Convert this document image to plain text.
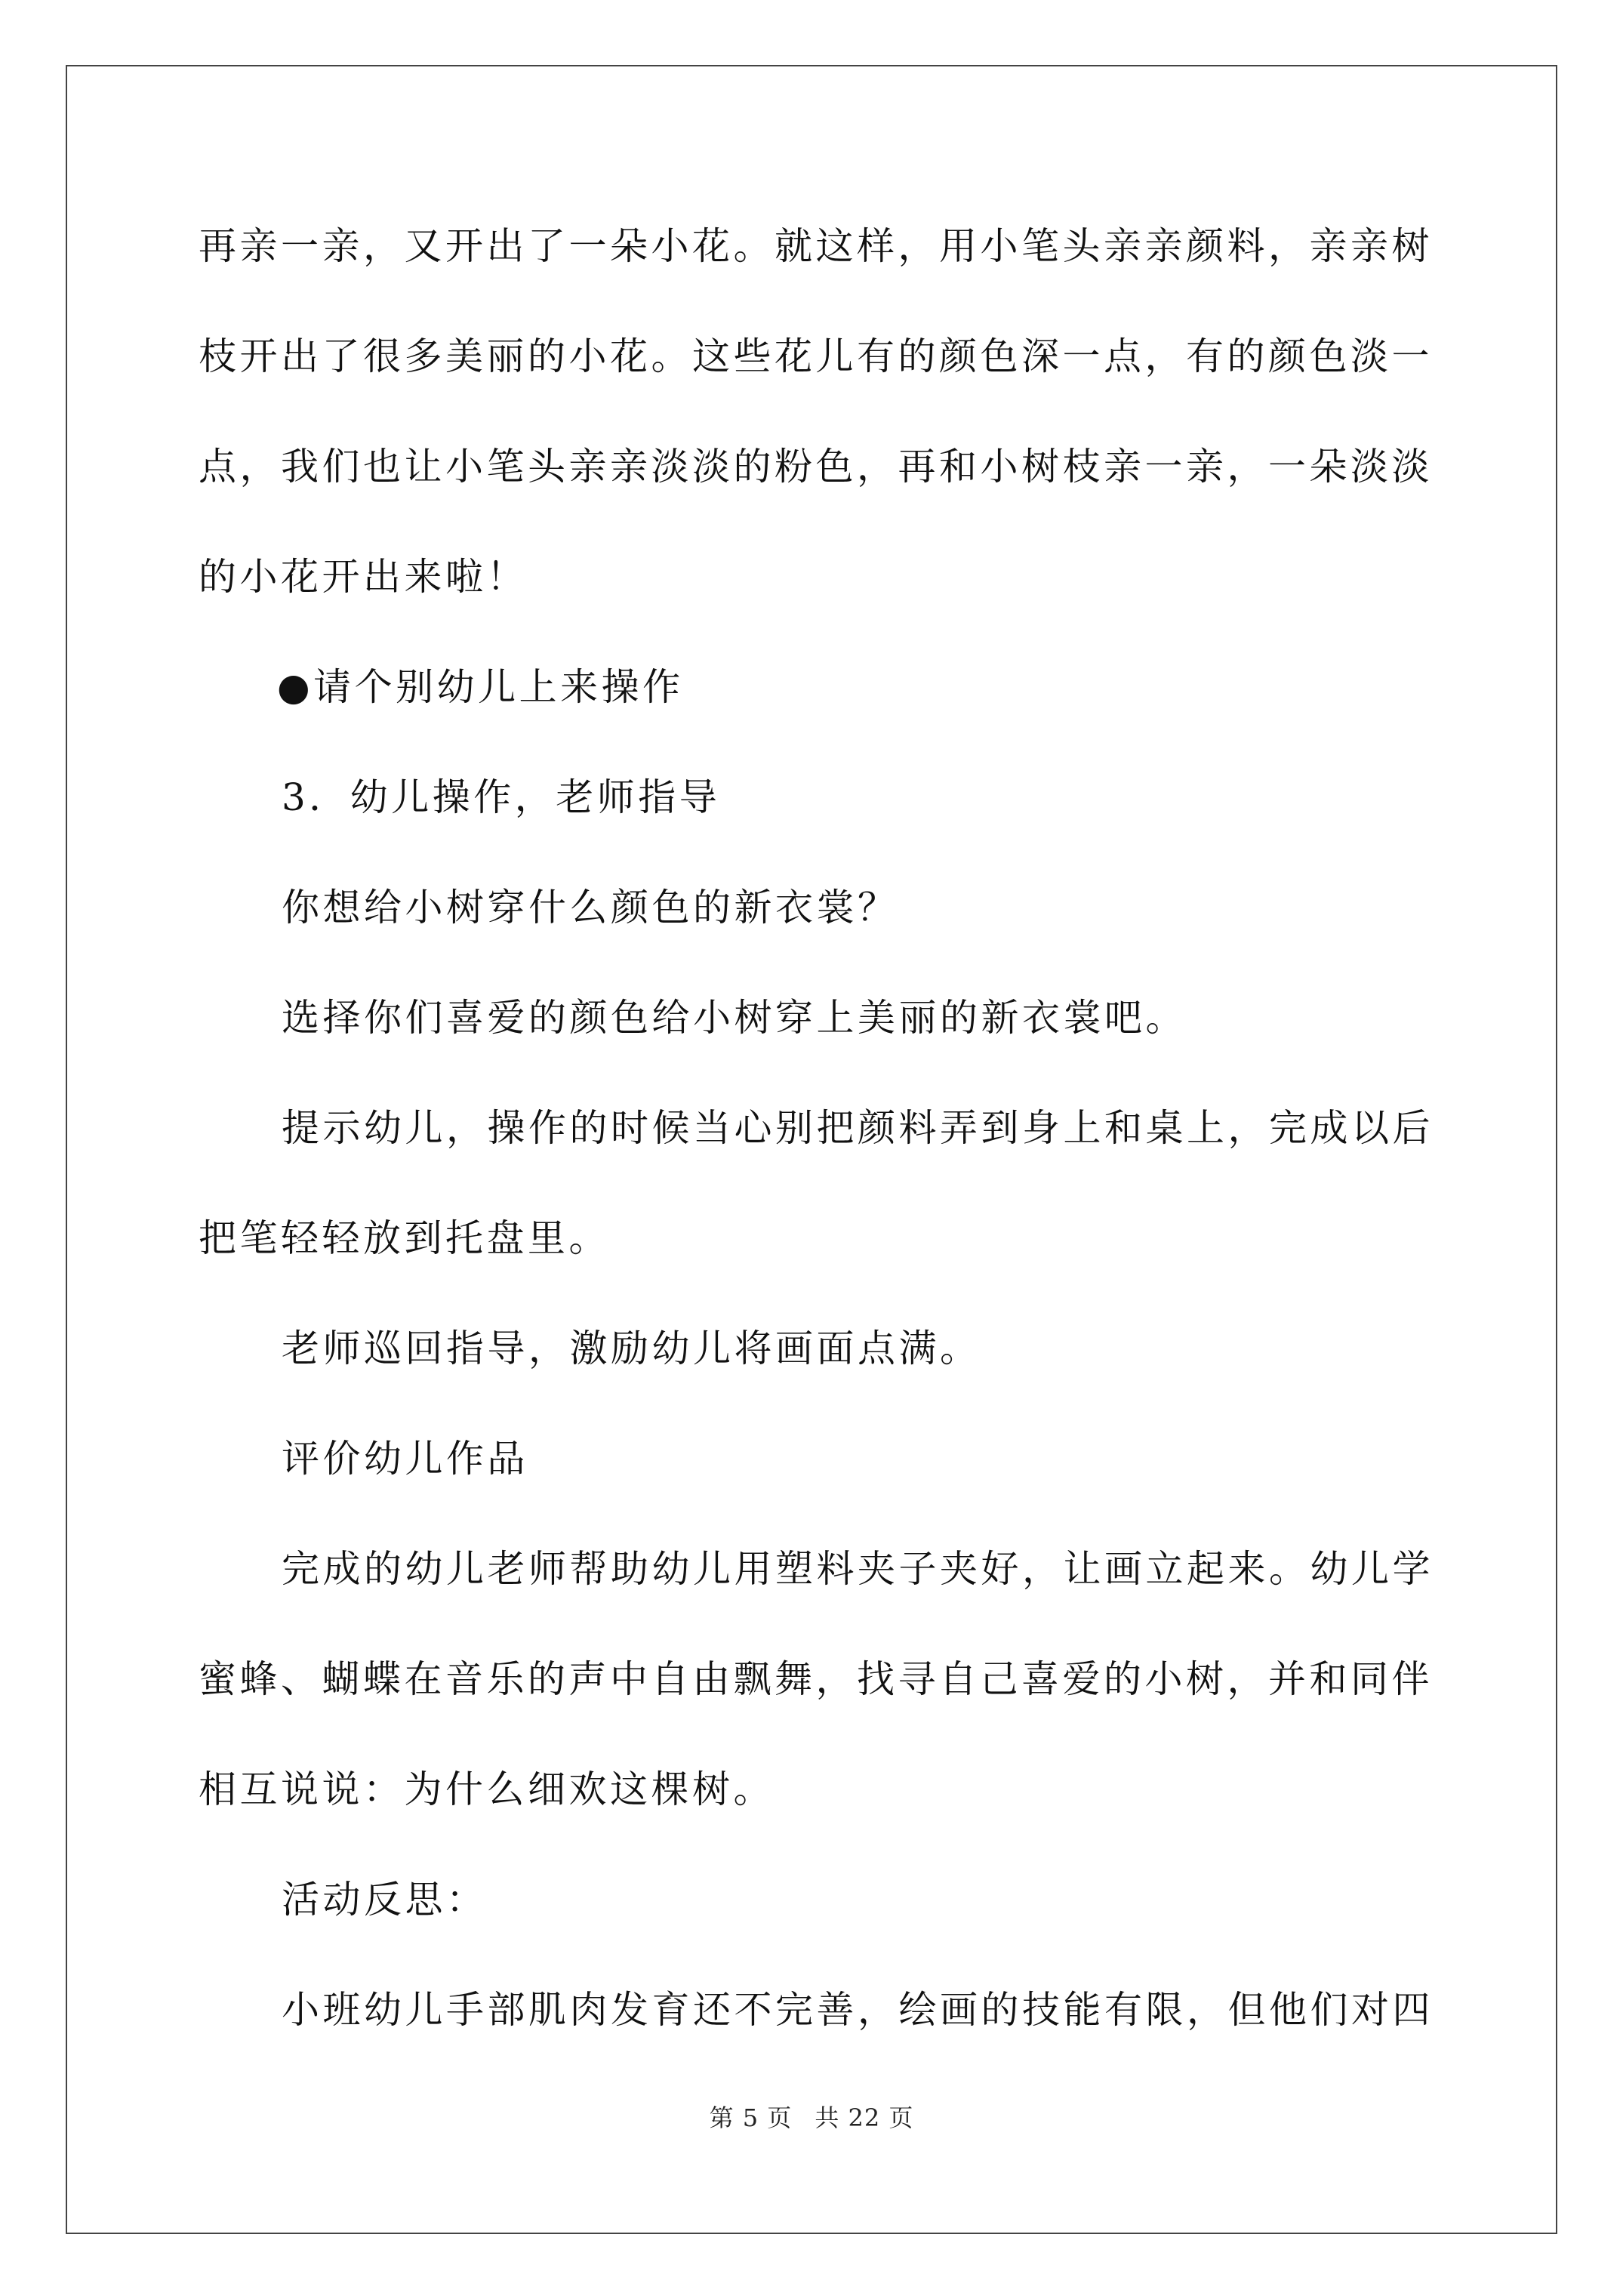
再亲一亲，又开出了一朵小花。就这样，用小笔头亲亲颜料，亲亲树

枝开出了很多美丽的小花。这些花儿有的颜色深一点，有的颜色淡一

点，我们也让小笔头亲亲淡淡的粉色，再和小树枝亲一亲，一朵淡淡

的小花开出来啦！

●请个别幼儿上来操作

3．幼儿操作，老师指导

你想给小树穿什么颜色的新衣裳？

选择你们喜爱的颜色给小树穿上美丽的新衣裳吧。

提示幼儿，操作的时候当心别把颜料弄到身上和桌上，完成以后

把笔轻轻放到托盘里。

老师巡回指导，激励幼儿将画面点满。

评价幼儿作品

完成的幼儿老师帮助幼儿用塑料夹子夹好，让画立起来。幼儿学

蜜蜂、蝴蝶在音乐的声中自由飘舞，找寻自己喜爱的小树，并和同伴

相互说说：为什么细欢这棵树。

活动反思：

小班幼儿手部肌肉发育还不完善，绘画的技能有限，但他们对四

第 5 页 共 22 页
